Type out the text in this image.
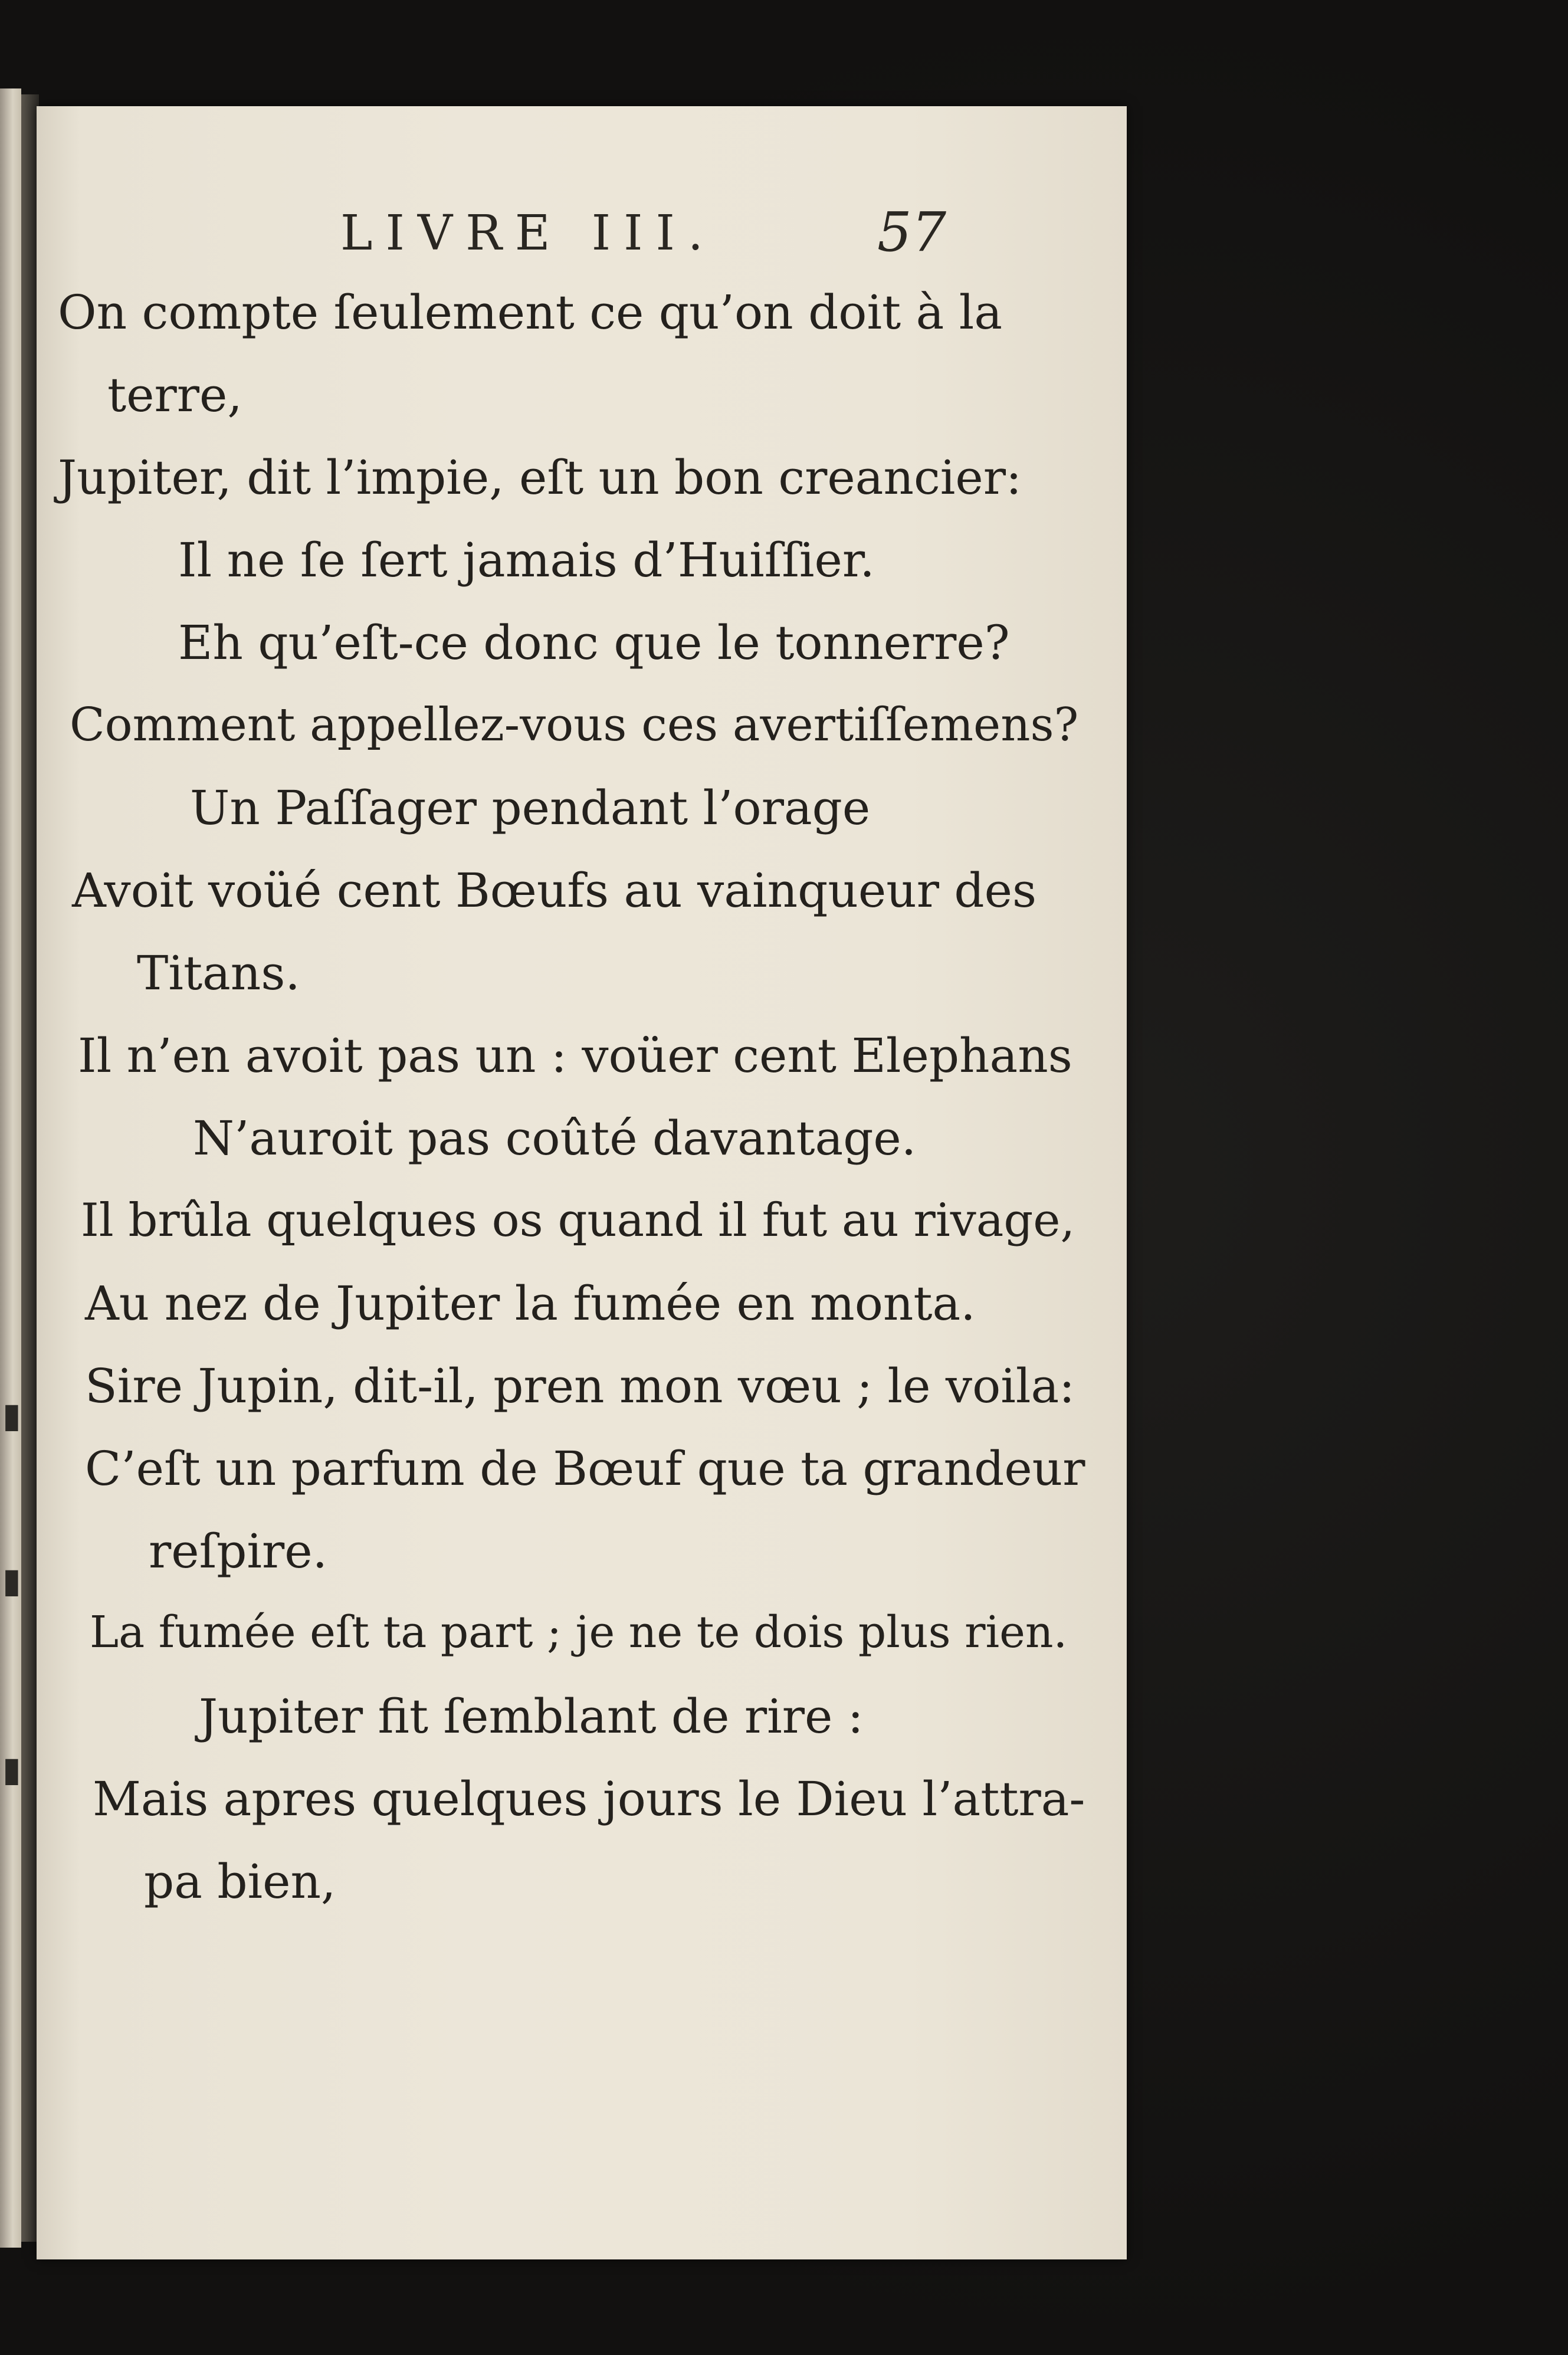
▮
▮
▮
LIVRE III.	57
On compte ſeulement ce qu’on doit à la
terre,
Jupiter, dit l’impie, eſt un bon creancier:
Il ne ſe ſert jamais d’Huiſſier.
Eh qu’eſt-ce donc que le tonnerre?
Comment appellez-vous ces avertiſſemens?
Un Paſſager pendant l’orage
Avoit voüé cent Bœufs au vainqueur des
Titans.
Il n’en avoit pas un : voüer cent Elephans
N’auroit pas coûté davantage.
Il brûla quelques os quand il fut au rivage,
Au nez de Jupiter la fumée en monta.
Sire Jupin, dit-il, pren mon vœu ; le voila:
C’eſt un parfum de Bœuf que ta grandeur
reſpire.
La fumée eſt ta part ; je ne te dois plus rien.
Jupiter fit ſemblant de rire :
Mais apres quelques jours le Dieu l’attra-
pa bien,
